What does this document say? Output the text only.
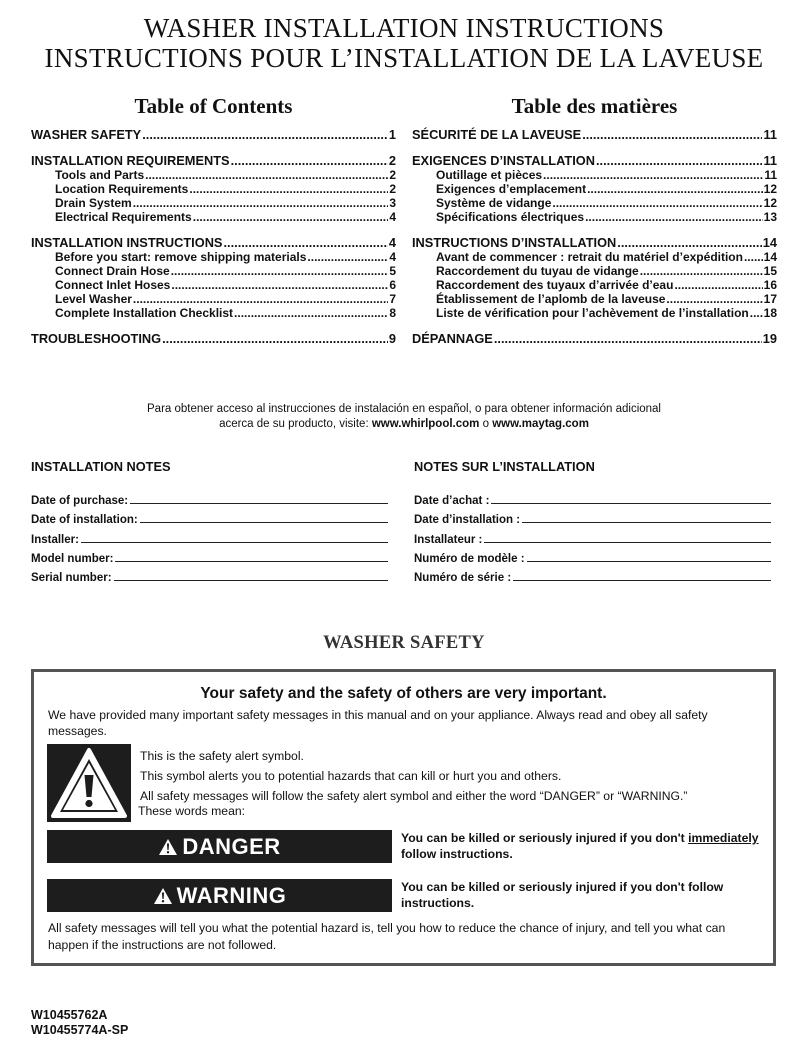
WASHER INSTALLATION INSTRUCTIONS
INSTRUCTIONS POUR L’INSTALLATION DE LA LAVEUSE
Table of Contents	Table des matières
WASHER SAFETY .....	1
INSTALLATION REQUIREMENTS .....	2
Tools and Parts .....	2
Location Requirements .....	2
Drain System .....	3
Electrical Requirements .....	4
INSTALLATION INSTRUCTIONS .....	4
Before you start: remove shipping materials .....	4
Connect Drain Hose .....	5
Connect Inlet Hoses .....	6
Level Washer .....	7
Complete Installation Checklist .....	8
TROUBLESHOOTING .....	9
SÉCURITÉ DE LA LAVEUSE .....	11
EXIGENCES D’INSTALLATION .....	11
Outillage et pièces .....	11
Exigences d’emplacement .....	12
Système de vidange .....	12
Spécifications électriques .....	13
INSTRUCTIONS D’INSTALLATION .....	14
Avant de commencer : retrait du matériel d’expédition ..... 14
Raccordement du tuyau de vidange .....	15
Raccordement des tuyaux d’arrivée d’eau .....	16
Établissement de l’aplomb de la laveuse .....	17
Liste de vérification pour l’achèvement de l’installation ..... 18
DÉPANNAGE .....	19
Para obtener acceso al instrucciones de instalación en español, o para obtener información adicional
acerca de su producto, visite: www.whirlpool.com o www.maytag.com
INSTALLATION NOTES	NOTES SUR L’INSTALLATION
Date of purchase:
Date of installation:
Installer:
Model number:
Serial number:
Date d’achat :
Date d’installation :
Installateur :
Numéro de modèle :
Numéro de série :
WASHER SAFETY
Your safety and the safety of others are very important.
We have provided many important safety messages in this manual and on your appliance. Always read and obey all safety messages.
This is the safety alert symbol.
This symbol alerts you to potential hazards that can kill or hurt you and others.
All safety messages will follow the safety alert symbol and either the word “DANGER” or “WARNING.”
These words mean:
DANGER	You can be killed or seriously injured if you don't immediately
follow instructions.
WARNING	You can be killed or seriously injured if you don't follow instructions.
All safety messages will tell you what the potential hazard is, tell you how to reduce the chance of injury, and tell you what can happen if the instructions are not followed.
W10455762A
W10455774A-SP
